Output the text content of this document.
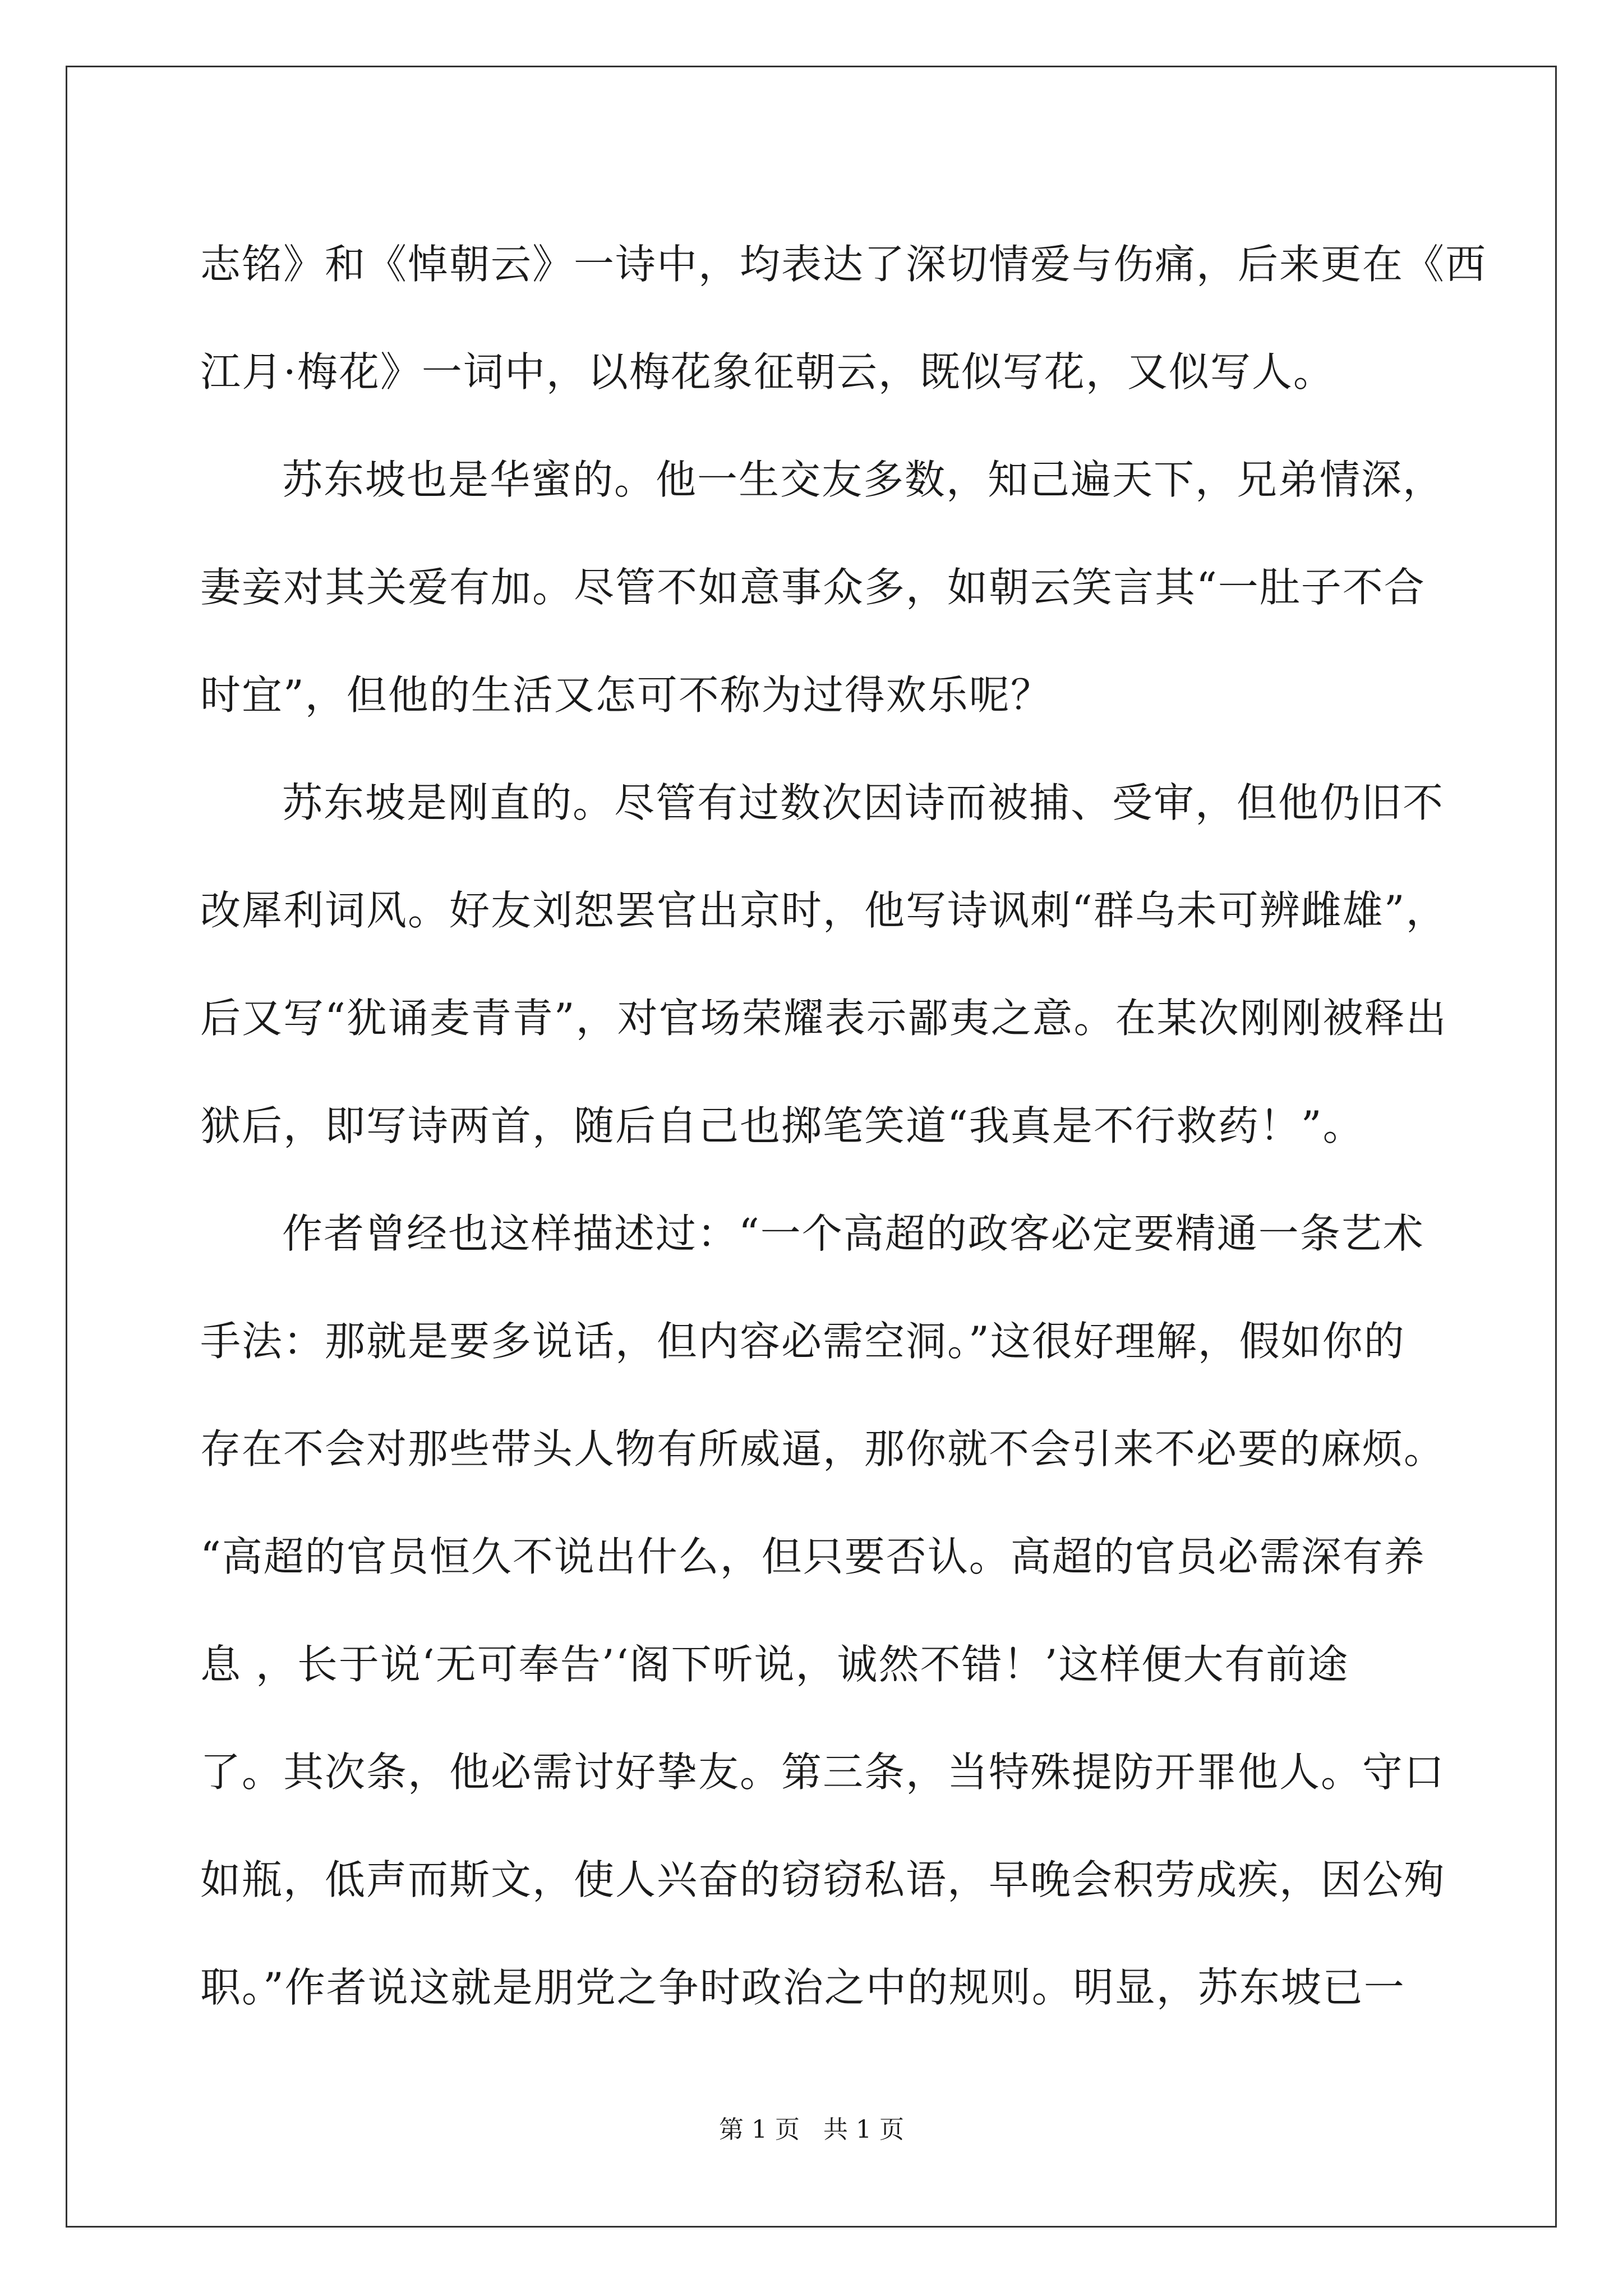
志铭》和《悼朝云》一诗中，均表达了深切情爱与伤痛，后来更在《西
江月·梅花》一词中，以梅花象征朝云，既似写花，又似写人。
苏东坡也是华蜜的。他一生交友多数，知己遍天下，兄弟情深，
妻妾对其关爱有加。尽管不如意事众多，如朝云笑言其“一肚子不合
时宜”，但他的生活又怎可不称为过得欢乐呢？
苏东坡是刚直的。尽管有过数次因诗而被捕、受审，但他仍旧不
改犀利词风。好友刘恕罢官出京时，他写诗讽刺“群乌未可辨雌雄”，
后又写“犹诵麦青青”，对官场荣耀表示鄙夷之意。在某次刚刚被释出
狱后，即写诗两首，随后自己也掷笔笑道“我真是不行救药！”。
作者曾经也这样描述过：“一个高超的政客必定要精通一条艺术
手法：那就是要多说话，但内容必需空洞。”这很好理解，假如你的
存在不会对那些带头人物有所威逼，那你就不会引来不必要的麻烦。
“高超的官员恒久不说出什么，但只要否认。高超的官员必需深有养
息 ，长于说‘无可奉告’‘阁下听说，诚然不错！’这样便大有前途
了。其次条，他必需讨好挚友。第三条，当特殊提防开罪他人。守口
如瓶，低声而斯文，使人兴奋的窃窃私语，早晚会积劳成疾，因公殉
职。”作者说这就是朋党之争时政治之中的规则。明显，苏东坡已一
第 1 页   共 1 页
